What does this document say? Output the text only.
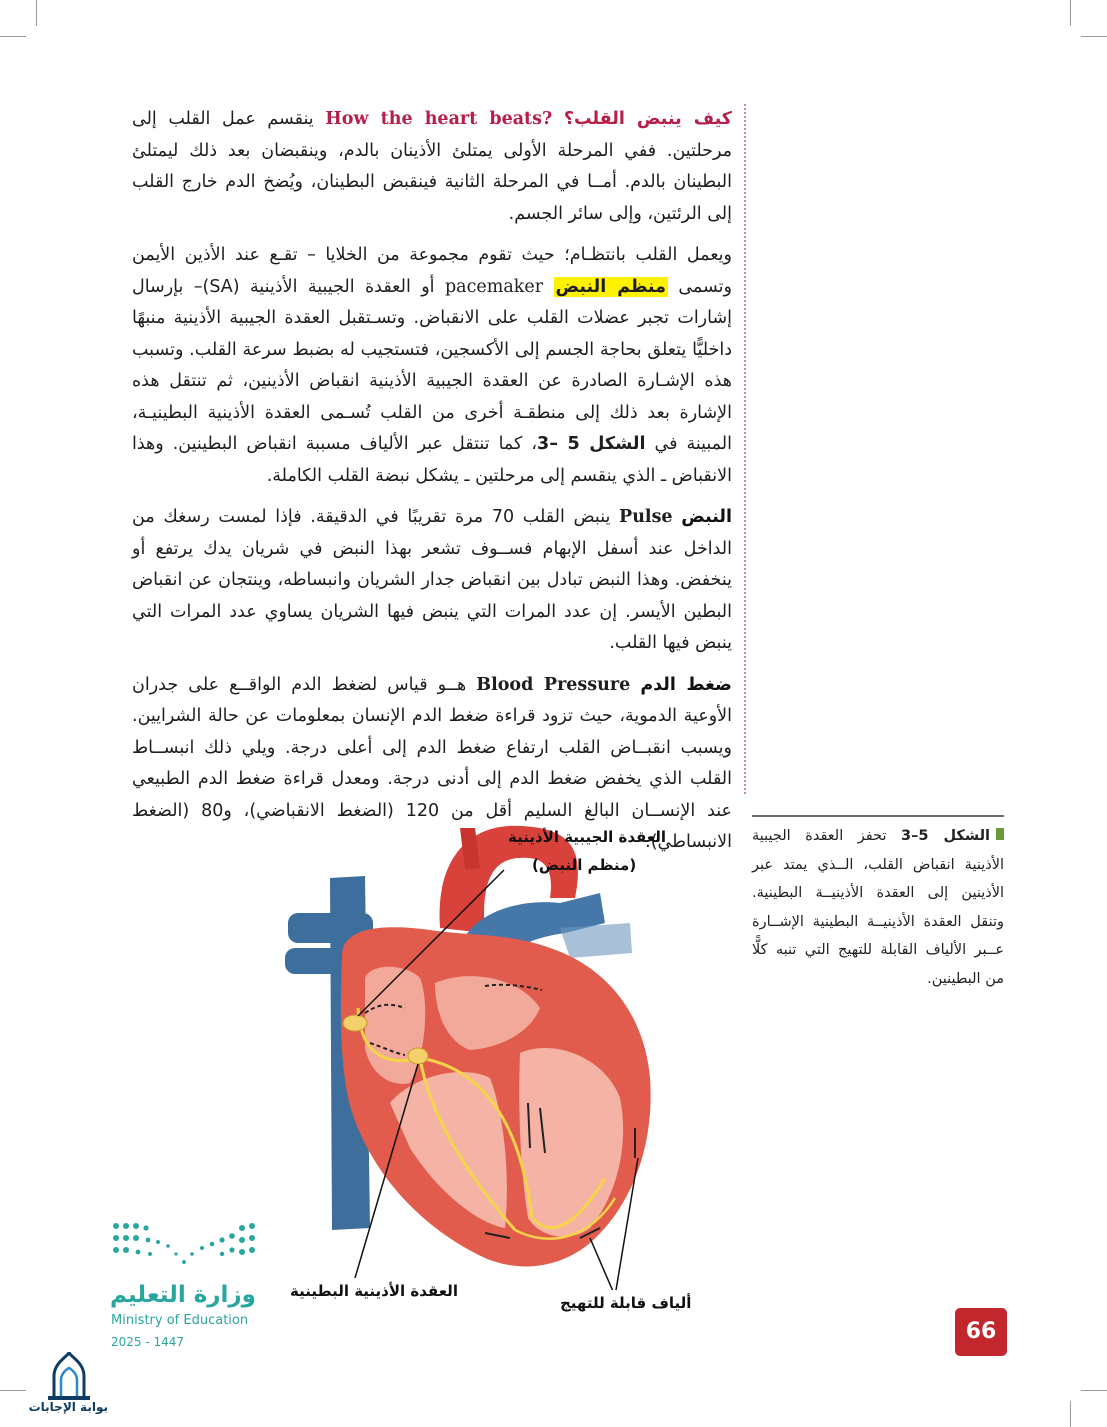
كيف ينبض القلب؟ How the heart beats? ينقسم عمل القلب إلى مرحلتين. ففي المرحلة الأولى يمتلئ الأذينان بالدم، وينقبضان بعد ذلك ليمتلئ البطينان بالدم. أمــا في المرحلة الثانية فينقبض البطينان، ويُضخ الدم خارج القلب إلى الرئتين، وإلى سائر الجسم.

ويعمل القلب بانتظـام؛ حيث تقوم مجموعة من الخلايا – تقـع عند الأذين الأيمن وتسمى منظم النبض pacemaker أو العقدة الجيبية الأذينية (SA)– بإرسال إشارات تجبر عضلات القلب على الانقباض. وتسـتقبل العقدة الجيبية الأذينية منبهًا داخليًّا يتعلق بحاجة الجسم إلى الأكسجين، فتستجيب له بضبط سرعة القلب. وتسبب هذه الإشـارة الصادرة عن العقدة الجيبية الأذينية انقباض الأذينين، ثم تنتقل هذه الإشارة بعد ذلك إلى منطقـة أخرى من القلب تُسـمى العقدة الأذينية البطينيـة، المبينة في الشكل 5 –3، كما تنتقل عبر الألياف مسببة انقباض البطينين. وهذا الانقباض ـ الذي ينقسم إلى مرحلتين ـ يشكل نبضة القلب الكاملة.

النبض Pulse ينبض القلب 70 مرة تقريبًا في الدقيقة. فإذا لمست رسغك من الداخل عند أسفل الإبهام فســوف تشعر بهذا النبض في شريان يدك يرتفع أو ينخفض. وهذا النبض تبادل بين انقباض جدار الشريان وانبساطه، وينتجان عن انقباض البطين الأيسر. إن عدد المرات التي ينبض فيها الشريان يساوي عدد المرات التي ينبض فيها القلب.

ضغط الدم Blood Pressure هــو قياس لضغط الدم الواقــع على جدران الأوعية الدموية، حيث تزود قراءة ضغط الدم الإنسان بمعلومات عن حالة الشرايين. ويسبب انقبــاض القلب ارتفاع ضغط الدم إلى أعلى درجة. ويلي ذلك انبســاط القلب الذي يخفض ضغط الدم إلى أدنى درجة. ومعدل قراءة ضغط الدم الطبيعي عند الإنســان البالغ السليم أقل من 120 (الضغط الانقباضي)، و80 (الضغط الانبساطي).	الشكل 5–3 تحفز العقدة الجيبية الأذينية انقباض القلب، الــذي يمتد عبر الأذينين إلى العقدة الأذينيــة البطينية. وتنقل العقدة الأذينيــة البطينية الإشــارة عــبر الألياف القابلة للتهيج التي تنبه كلًّا من البطينين.
العقدة الجيبية الأذينية
(منظم النبض)
العقدة الأذينية البطينية
ألياف قابلة للتهيج
وزارة التعليم
Ministry of Education
2025 - 1447	66
بوابة الإجابات
